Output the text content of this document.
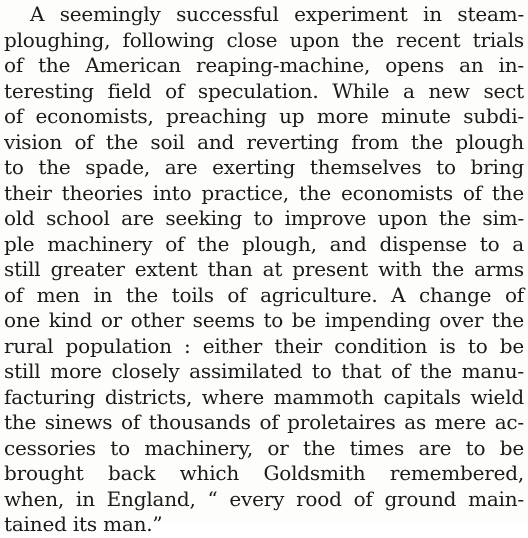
A seemingly successful experiment in steam-
ploughing, following close upon the recent trials
of the American reaping-machine, opens an in-
teresting field of speculation. While a new sect
of economists, preaching up more minute subdi-
vision of the soil and reverting from the plough
to the spade, are exerting themselves to bring
their theories into practice, the economists of the
old school are seeking to improve upon the sim-
ple machinery of the plough, and dispense to a
still greater extent than at present with the arms
of men in the toils of agriculture. A change of
one kind or other seems to be impending over the
rural population : either their condition is to be
still more closely assimilated to that of the manu-
facturing districts, where mammoth capitals wield
the sinews of thousands of proletaires as mere ac-
cessories to machinery, or the times are to be
brought back which Goldsmith remembered,
when, in England, “ every rood of ground main-
tained its man.”
